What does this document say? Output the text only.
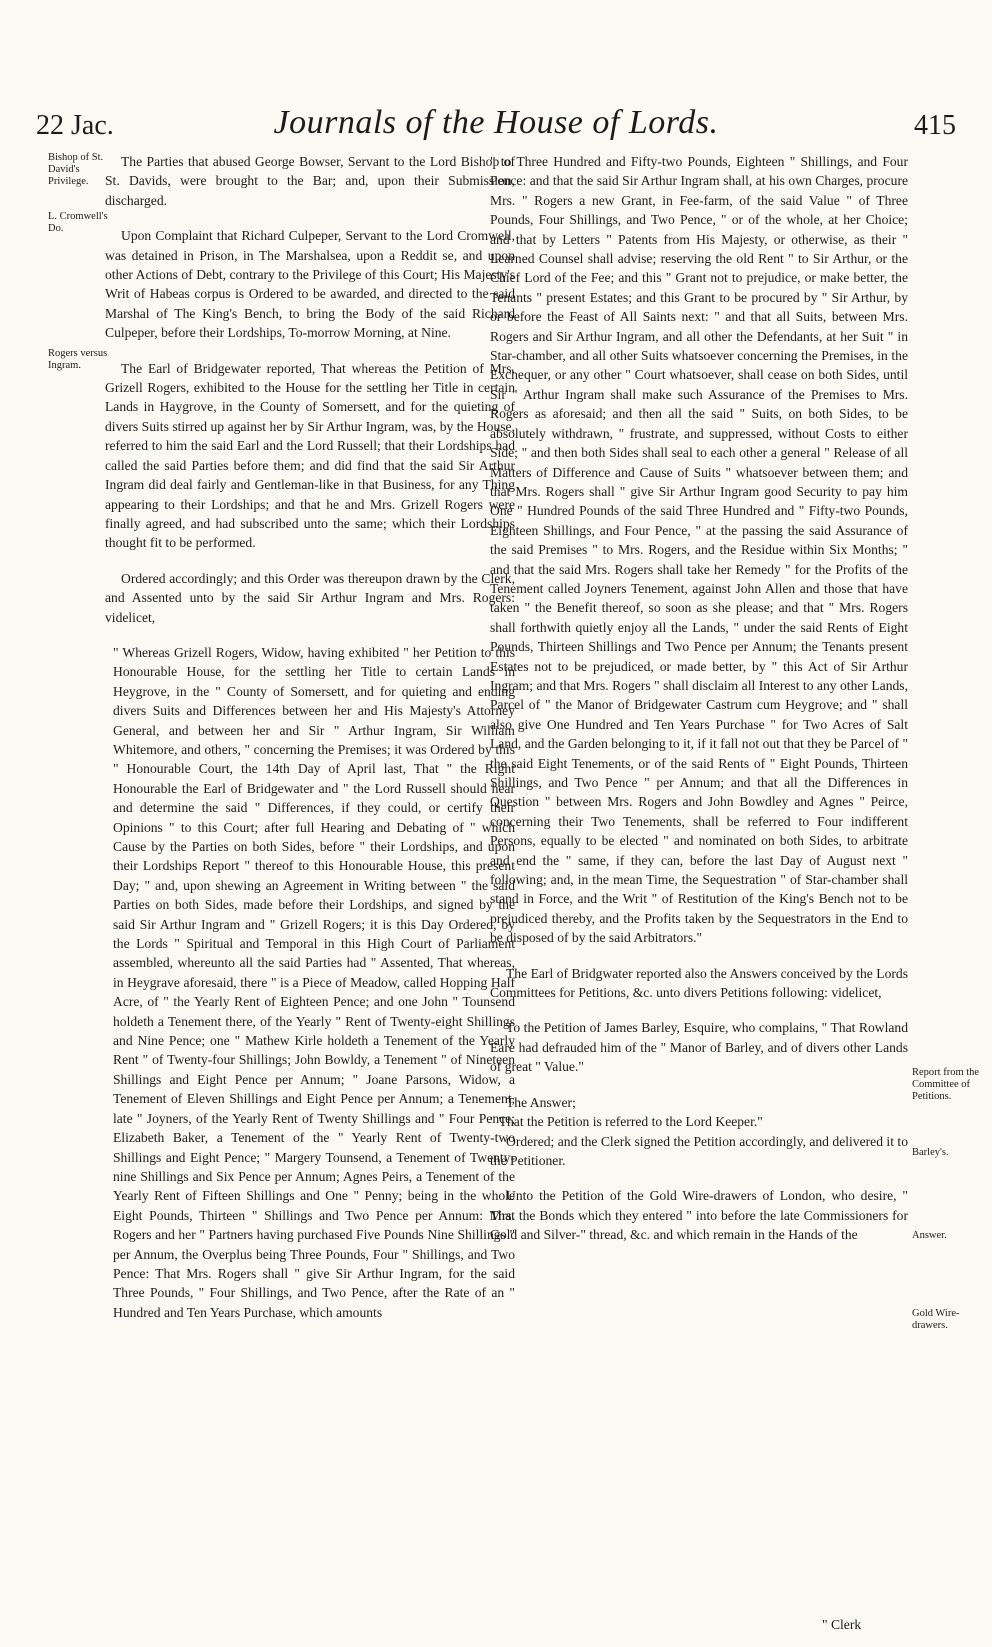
22 Jac.	Journals of the House of Lords.	415
Bishop of St. David's Privilege.
L. Cromwell's Do.
Rogers versus Ingram.
Report from the Committee of Petitions.
Barley's.
Answer.
Gold Wire-drawers.

The Parties that abused George Bowser, Servant to the Lord Bishop of St. Davids, were brought to the Bar; and, upon their Submission, discharged.

Upon Complaint that Richard Culpeper, Servant to the Lord Cromwell, was detained in Prison, in The Marshalsea, upon a Reddit se, and upon other Actions of Debt, contrary to the Privilege of this Court; His Majesty's Writ of Habeas corpus is Ordered to be awarded, and directed to the said Marshal of The King's Bench, to bring the Body of the said Richard Culpeper, before their Lordships, To-morrow Morning, at Nine.

The Earl of Bridgewater reported, That whereas the Petition of Mrs. Grizell Rogers, exhibited to the House for the settling her Title in certain Lands in Haygrove, in the County of Somersett, and for the quieting of divers Suits stirred up against her by Sir Arthur Ingram, was, by the House, referred to him the said Earl and the Lord Russell; that their Lordships had called the said Parties before them; and did find that the said Sir Arthur Ingram did deal fairly and Gentleman-like in that Business, for any Thing appearing to their Lordships; and that he and Mrs. Grizell Rogers were finally agreed, and had subscribed unto the same; which their Lordships thought fit to be performed.

Ordered accordingly; and this Order was thereupon drawn by the Clerk, and Assented unto by the said Sir Arthur Ingram and Mrs. Rogers: videlicet,

" Whereas Grizell Rogers, Widow, having exhibited " her Petition to this Honourable House, for the settling her Title to certain Lands in Heygrove, in the " County of Somersett, and for quieting and ending divers Suits and Differences between her and His Majesty's Attorney General, and between her and Sir " Arthur Ingram, Sir William Whitemore, and others, " concerning the Premises; it was Ordered by this " Honourable Court, the 14th Day of April last, That " the Right Honourable the Earl of Bridgewater and " the Lord Russell should hear and determine the said " Differences, if they could, or certify their Opinions " to this Court; after full Hearing and Debating of " which Cause by the Parties on both Sides, before " their Lordships, and upon their Lordships Report " thereof to this Honourable House, this present Day; " and, upon shewing an Agreement in Writing between " the said Parties on both Sides, made before their Lordships, and signed by the said Sir Arthur Ingram and " Grizell Rogers; it is this Day Ordered, by the Lords " Spiritual and Temporal in this High Court of Parliament assembled, whereunto all the said Parties had " Assented, That whereas, in Heygrave aforesaid, there " is a Piece of Meadow, called Hopping Half Acre, of " the Yearly Rent of Eighteen Pence; and one John " Tounsend holdeth a Tenement there, of the Yearly " Rent of Twenty-eight Shillings and Nine Pence; one " Mathew Kirle holdeth a Tenement of the Yearly Rent " of Twenty-four Shillings; John Bowldy, a Tenement " of Nineteen Shillings and Eight Pence per Annum; " Joane Parsons, Widow, a Tenement of Eleven Shillings and Eight Pence per Annum; a Tenement, late " Joyners, of the Yearly Rent of Twenty Shillings and " Four Pence; Elizabeth Baker, a Tenement of the " Yearly Rent of Twenty-two Shillings and Eight Pence; " Margery Tounsend, a Tenement of Twenty-nine Shillings and Six Pence per Annum; Agnes Peirs, a Tenement of the Yearly Rent of Fifteen Shillings and One " Penny; being in the whole Eight Pounds, Thirteen " Shillings and Two Pence per Annum: Mrs. Rogers and her " Partners having purchased Five Pounds Nine Shillings " per Annum, the Overplus being Three Pounds, Four " Shillings, and Two Pence: That Mrs. Rogers shall " give Sir Arthur Ingram, for the said Three Pounds, " Four Shillings, and Two Pence, after the Rate of an " Hundred and Ten Years Purchase, which amounts

" to Three Hundred and Fifty-two Pounds, Eighteen " Shillings, and Four Pence: and that the said Sir Arthur Ingram shall, at his own Charges, procure Mrs. " Rogers a new Grant, in Fee-farm, of the said Value " of Three Pounds, Four Shillings, and Two Pence, " or of the whole, at her Choice; and that by Letters " Patents from His Majesty, or otherwise, as their " Learned Counsel shall advise; reserving the old Rent " to Sir Arthur, or the Chief Lord of the Fee; and this " Grant not to prejudice, or make better, the Tenants " present Estates; and this Grant to be procured by " Sir Arthur, by or before the Feast of All Saints next: " and that all Suits, between Mrs. Rogers and Sir Arthur Ingram, and all other the Defendants, at her Suit " in Star-chamber, and all other Suits whatsoever concerning the Premises, in the Exchequer, or any other " Court whatsoever, shall cease on both Sides, until Sir " Arthur Ingram shall make such Assurance of the Premises to Mrs. Rogers as aforesaid; and then all the said " Suits, on both Sides, to be absolutely withdrawn, " frustrate, and suppressed, without Costs to either Side; " and then both Sides shall seal to each other a general " Release of all Matters of Difference and Cause of Suits " whatsoever between them; and that Mrs. Rogers shall " give Sir Arthur Ingram good Security to pay him One " Hundred Pounds of the said Three Hundred and " Fifty-two Pounds, Eighteen Shillings, and Four Pence, " at the passing the said Assurance of the said Premises " to Mrs. Rogers, and the Residue within Six Months; " and that the said Mrs. Rogers shall take her Remedy " for the Profits of the Tenement called Joyners Tenement, against John Allen and those that have taken " the Benefit thereof, so soon as she please; and that " Mrs. Rogers shall forthwith quietly enjoy all the Lands, " under the said Rents of Eight Pounds, Thirteen Shillings and Two Pence per Annum; the Tenants present Estates not to be prejudiced, or made better, by " this Act of Sir Arthur Ingram; and that Mrs. Rogers " shall disclaim all Interest to any other Lands, Parcel of " the Manor of Bridgewater Castrum cum Heygrove; and " shall also give One Hundred and Ten Years Purchase " for Two Acres of Salt Land, and the Garden belonging to it, if it fall not out that they be Parcel of " the said Eight Tenements, or of the said Rents of " Eight Pounds, Thirteen Shillings, and Two Pence " per Annum; and that all the Differences in Question " between Mrs. Rogers and John Bowdley and Agnes " Peirce, concerning their Two Tenements, shall be referred to Four indifferent Persons, equally to be elected " and nominated on both Sides, to arbitrate and end the " same, if they can, before the last Day of August next " following; and, in the mean Time, the Sequestration " of Star-chamber shall stand in Force, and the Writ " of Restitution of the King's Bench not to be prejudiced thereby, and the Profits taken by the Sequestrators in the End to be disposed of by the said Arbitrators."

The Earl of Bridgwater reported also the Answers conceived by the Lords Committees for Petitions, &c. unto divers Petitions following: videlicet,

To the Petition of James Barley, Esquire, who complains, " That Rowland Eare had defrauded him of the " Manor of Barley, and of divers other Lands of great " Value."

The Answer;

" That the Petition is referred to the Lord Keeper."

Ordered; and the Clerk signed the Petition accordingly, and delivered it to the Petitioner.

Unto the Petition of the Gold Wire-drawers of London, who desire, " That the Bonds which they entered " into before the late Commissioners for Gold and Silver-" thread, &c. and which remain in the Hands of the

" Clerk
